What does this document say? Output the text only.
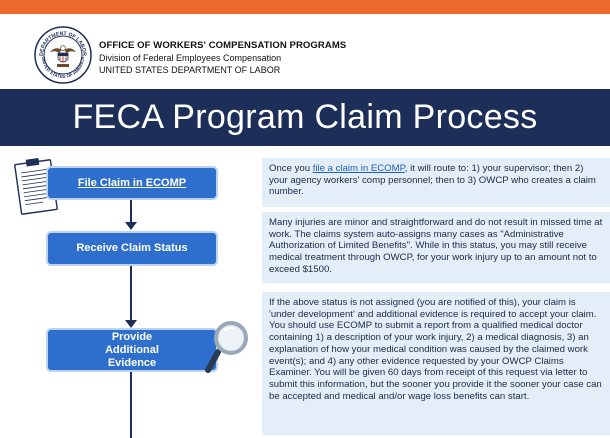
DEPARTMENT OF LABOR
UNITED STATES OF AMERICA
OFFICE OF WORKERS' COMPENSATION PROGRAMS
Division of Federal Employees Compensation
UNITED STATES DEPARTMENT OF LABOR
FECA Program Claim Process
File Claim in ECOMP
Receive Claim Status
Provide Additional Evidence
Once you file a claim in ECOMP, it will route to: 1) your supervisor; then 2) your agency workers' comp personnel; then to 3) OWCP who creates a claim number.
Many injuries are minor and straightforward and do not result in missed time at work. The claims system auto-assigns many cases as "Administrative Authorization of Limited Benefits". While in this status, you may still receive medical treatment through OWCP, for your work injury up to an amount not to exceed $1500.
If the above status is not assigned (you are notified of this), your claim is 'under development' and additional evidence is required to accept your claim. You should use ECOMP to submit a report from a qualified medical doctor containing 1) a description of your work injury, 2) a medical diagnosis, 3) an explanation of how your medical condition was caused by the claimed work event(s); and 4) any other evidence requested by your OWCP Claims Examiner. You will be given 60 days from receipt of this request via letter to submit this information, but the sooner you provide it the sooner your case can be accepted and medical and/or wage loss benefits can start.
